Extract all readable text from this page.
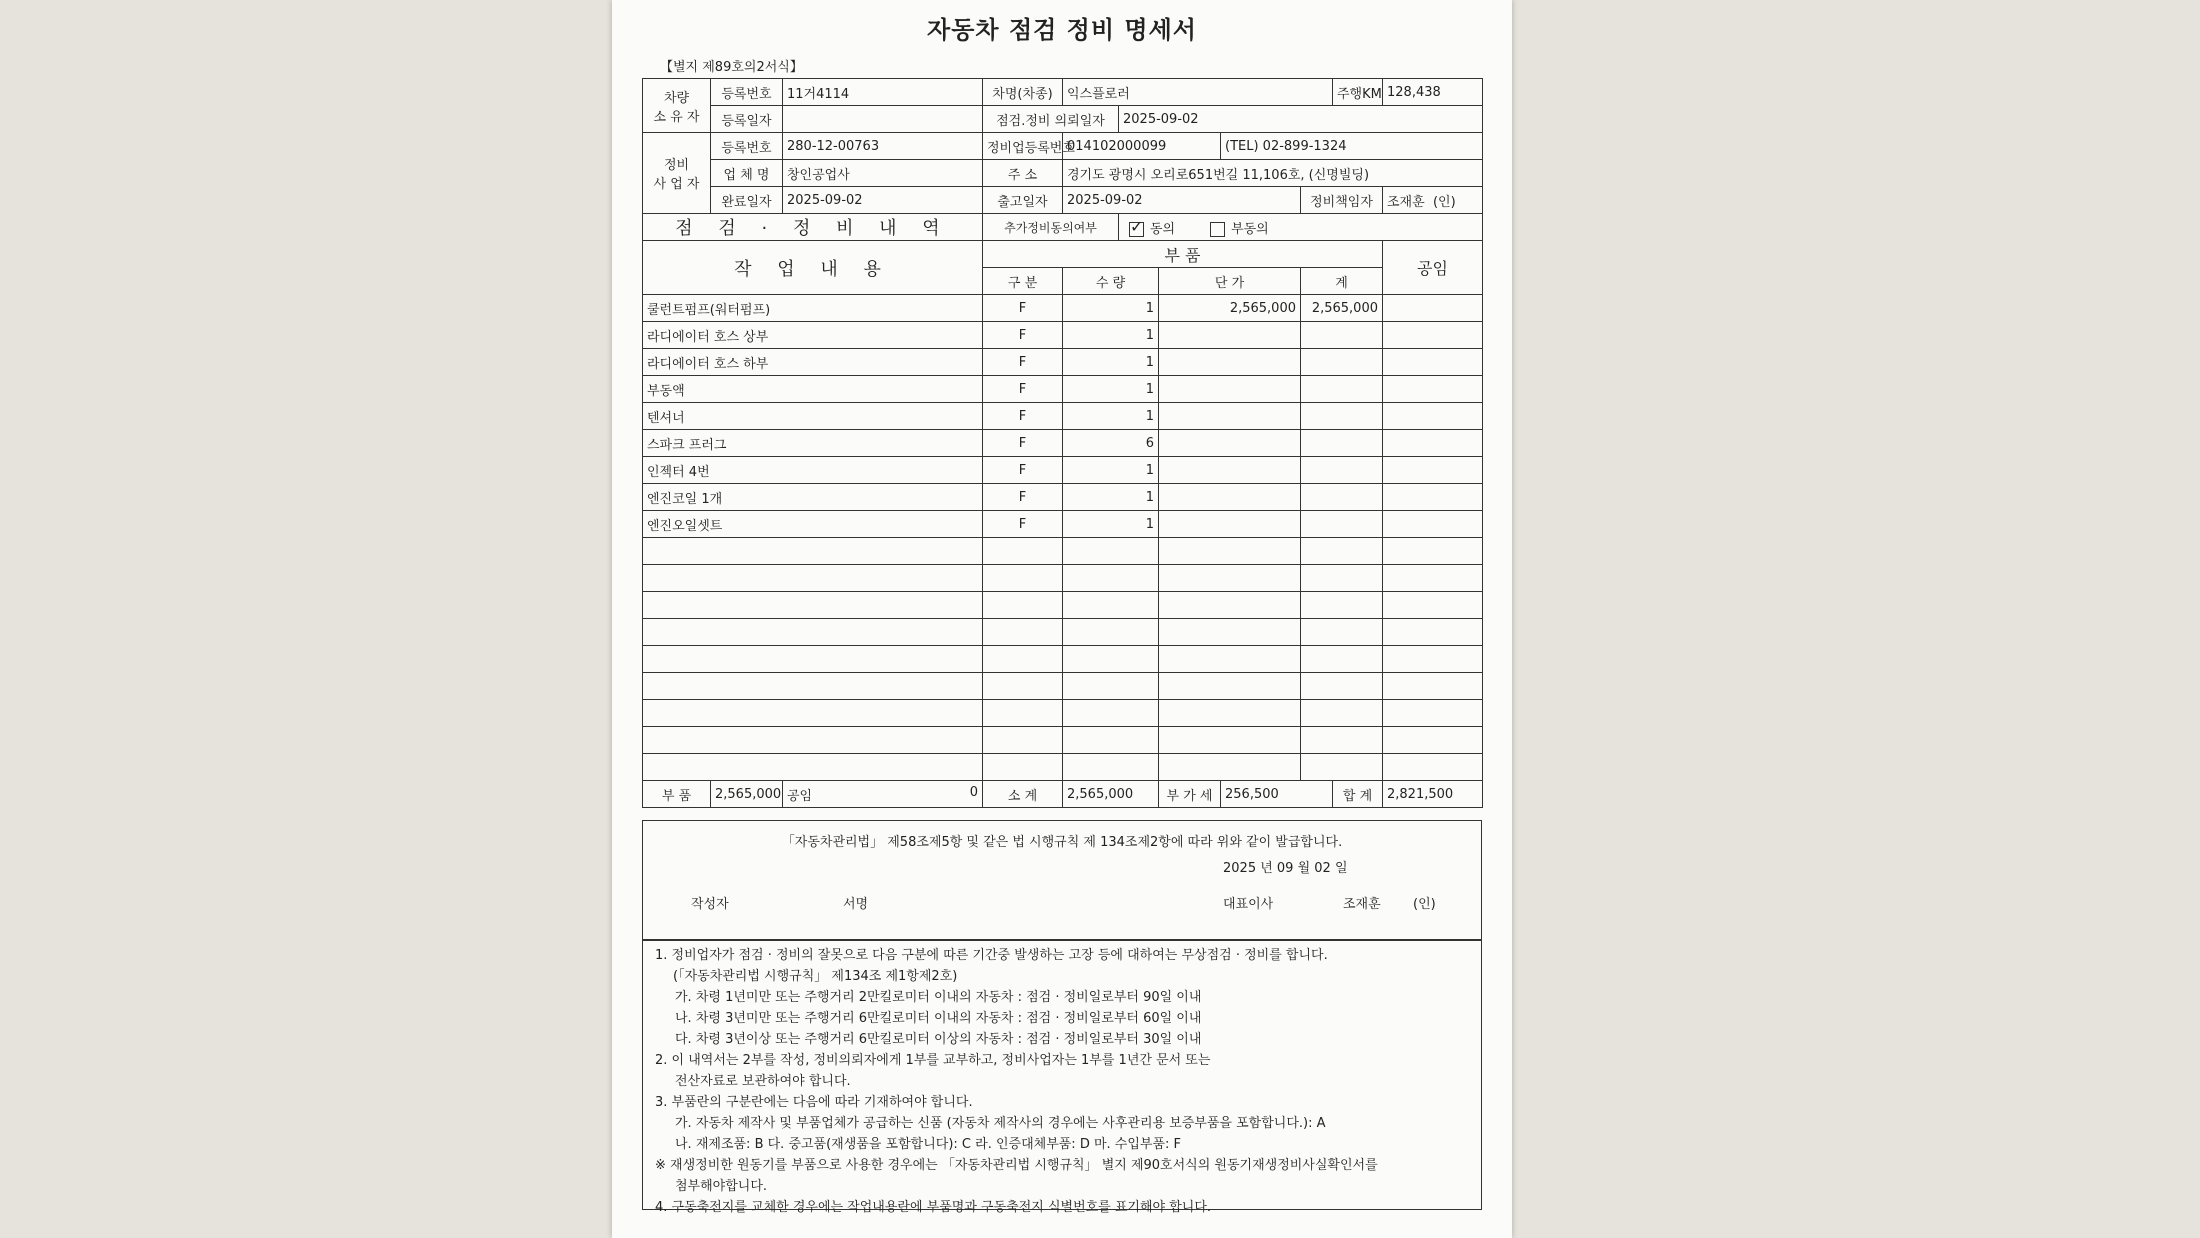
자동차 점검 정비 명세서
【별지 제89호의2서식】
차량
소 유 자	등록번호	11거4114	차명(차종)	익스플로러					주행KM	128,438
	등록일자		점검.정비 의뢰일자		2025-09-02					

정비
사 업 자	등록번호	280-12-00763	정비업등록번호	014102000099			(TEL) 02-899-1324			
	업 체 명	창인공업사	주 소	경기도 광명시 오리로651번길 11,106호, (신명빌딩)						
	완료일자	2025-09-02	출고일자	2025-09-02				정비책임자		조재훈 (인)
점 검 · 정 비 내 역			추가정비동의여부	✓동의 부동의
작 업 내 용			부 품							공임
			구 분	수 량		단 가		계		
쿨런트펌프(워터펌프)			F	1		2,565,000		2,565,000		
라디에이터 호스 상부			F	1						
라디에이터 호스 하부			F	1						
부동액			F	1						
텐셔너			F	1						
스파크 프러그			F	6						
인젝터 4번			F	1						
엔진코일 1개			F	1						
엔진오일셋트			F	1						

부 품	2,565,000	공임 0	소 계	2,565,000		부 가 세	256,500		합 계	2,821,500
「자동차관리법」 제58조제5항 및 같은 법 시행규칙 제 134조제2항에 따라 위와 같이 발급합니다.
2025 년 09 월 02 일
작성자	서명	대표이사	조재훈 (인)
1. 정비업자가 점검 · 정비의 잘못으로 다음 구분에 따른 기간중 발생하는 고장 등에 대하여는 무상점검 · 정비를 합니다.
(「자동차관리법 시행규칙」 제134조 제1항제2호)
가. 차령 1년미만 또는 주행거리 2만킬로미터 이내의 자동차 : 점검 · 정비일로부터 90일 이내
나. 차령 3년미만 또는 주행거리 6만킬로미터 이내의 자동차 : 점검 · 정비일로부터 60일 이내
다. 차령 3년이상 또는 주행거리 6만킬로미터 이상의 자동차 : 점검 · 정비일로부터 30일 이내
2. 이 내역서는 2부를 작성, 정비의뢰자에게 1부를 교부하고, 정비사업자는 1부를 1년간 문서 또는
전산자료로 보관하여야 합니다.
3. 부품란의 구분란에는 다음에 따라 기재하여야 합니다.
가. 자동차 제작사 및 부품업체가 공급하는 신품 (자동차 제작사의 경우에는 사후관리용 보증부품을 포함합니다.): A
나. 재제조품: B 다. 중고품(재생품을 포함합니다): C 라. 인증대체부품: D 마. 수입부품: F
※ 재생정비한 원동기를 부품으로 사용한 경우에는 「자동차관리법 시행규칙」 별지 제90호서식의 원동기재생정비사실확인서를
첨부해야합니다.
4. 구동축전지를 교체한 경우에는 작업내용란에 부품명과 구동축전지 식별번호를 표기해야 합니다.
